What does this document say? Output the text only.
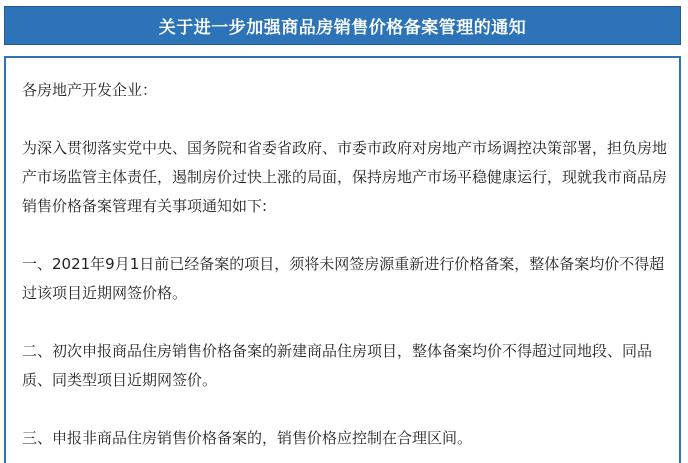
关于进一步加强商品房销售价格备案管理的通知

各房地产开发企业：

为深入贯彻落实党中央、国务院和省委省政府、市委市政府对房地产市场调控决策部署，担负房地产市场监管主体责任，遏制房价过快上涨的局面，保持房地产市场平稳健康运行，现就我市商品房销售价格备案管理有关事项通知如下:

一、2021年9月1日前已经备案的项目，须将未网签房源重新进行价格备案，整体备案均价不得超过该项目近期网签价格。

二、初次申报商品住房销售价格备案的新建商品住房项目，整体备案均价不得超过同地段、同品质、同类型项目近期网签价。

三、申报非商品住房销售价格备案的，销售价格应控制在合理区间。
